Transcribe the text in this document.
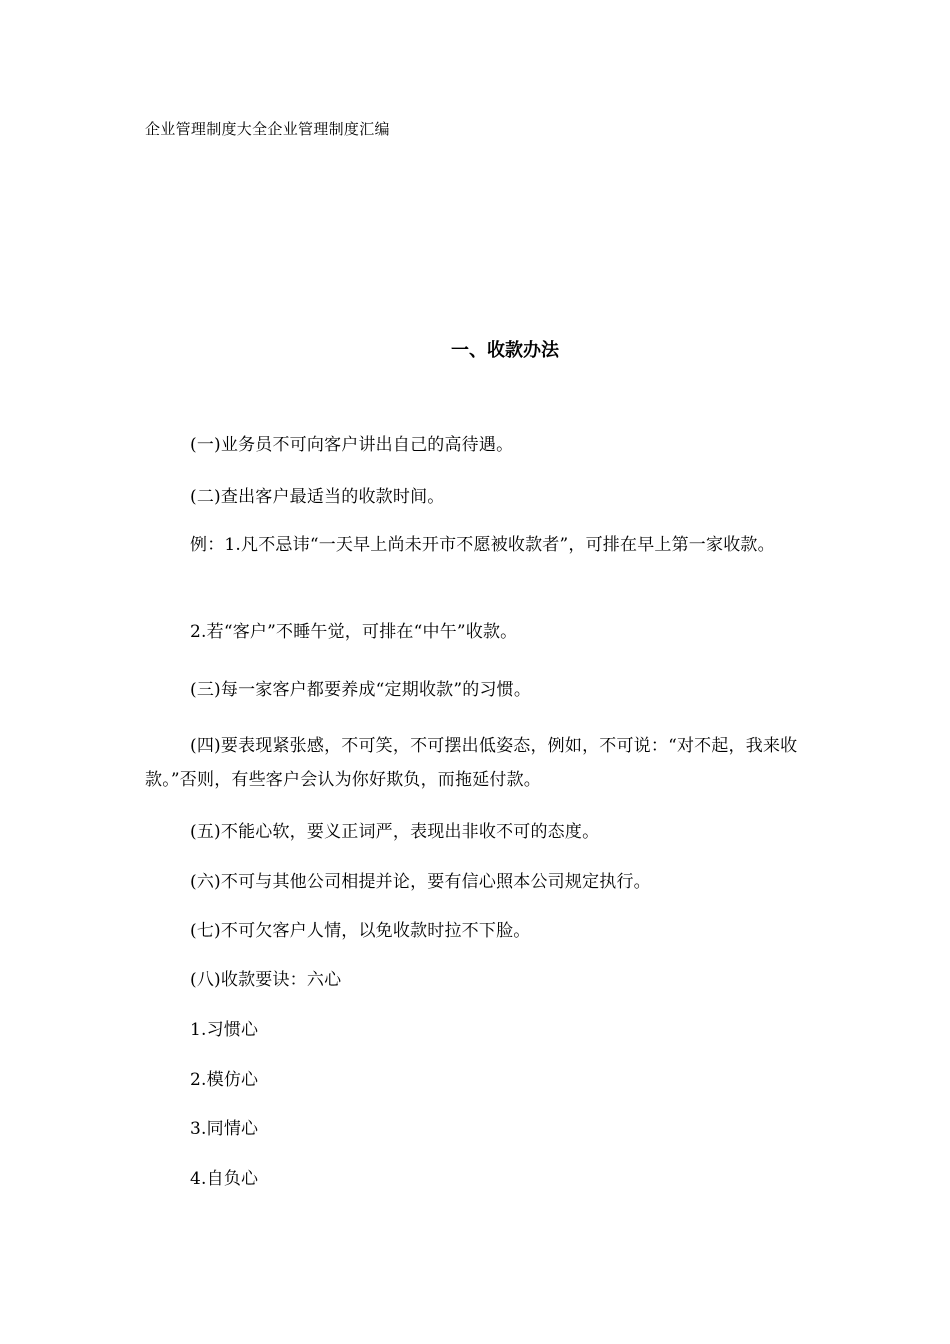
企业管理制度大全企业管理制度汇编
一、收款办法
(一)业务员不可向客户讲出自己的高待遇。
(二)查出客户最适当的收款时间。
例：1.凡不忌讳“一天早上尚未开市不愿被收款者”，可排在早上第一家收款。
2.若“客户”不睡午觉，可排在“中午”收款。
(三)每一家客户都要养成“定期收款”的习惯。
(四)要表现紧张感，不可笑，不可摆出低姿态，例如，不可说：“对不起，我来收款。”否则，有些客户会认为你好欺负，而拖延付款。
(五)不能心软，要义正词严，表现出非收不可的态度。
(六)不可与其他公司相提并论，要有信心照本公司规定执行。
(七)不可欠客户人情，以免收款时拉不下脸。
(八)收款要诀：六心
1.习惯心
2.模仿心
3.同情心
4.自负心
